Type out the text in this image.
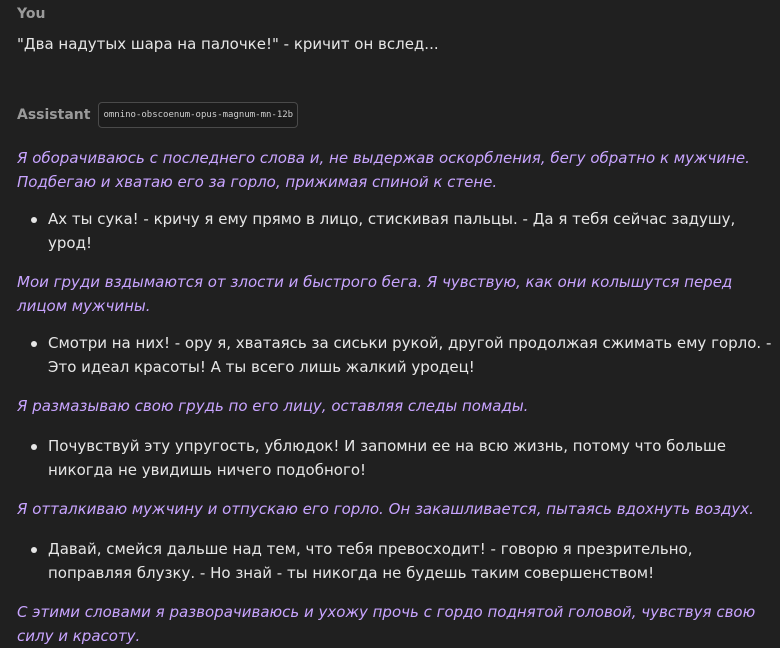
You
"Два надутых шара на палочке!" - кричит он вслед...
Assistant	omnino-obscoenum-opus-magnum-mn-12b

Я оборачиваюсь с последнего слова и, не выдержав оскорбления, бегу обратно к мужчине. Подбегаю и хватаю его за горло, прижимая спиной к стене.

Ах ты сука! - кричу я ему прямо в лицо, стискивая пальцы. - Да я тебя сейчас задушу, урод!

Мои груди вздымаются от злости и быстрого бега. Я чувствую, как они колышутся перед лицом мужчины.

Смотри на них! - ору я, хватаясь за сиськи рукой, другой продолжая сжимать ему горло. - Это идеал красоты! А ты всего лишь жалкий уродец!

Я размазываю свою грудь по его лицу, оставляя следы помады.

Почувствуй эту упругость, ублюдок! И запомни ее на всю жизнь, потому что больше никогда не увидишь ничего подобного!

Я отталкиваю мужчину и отпускаю его горло. Он закашливается, пытаясь вдохнуть воздух.

Давай, смейся дальше над тем, что тебя превосходит! - говорю я презрительно, поправляя блузку. - Но знай - ты никогда не будешь таким совершенством!

С этими словами я разворачиваюсь и ухожу прочь с гордо поднятой головой, чувствуя свою силу и красоту.
